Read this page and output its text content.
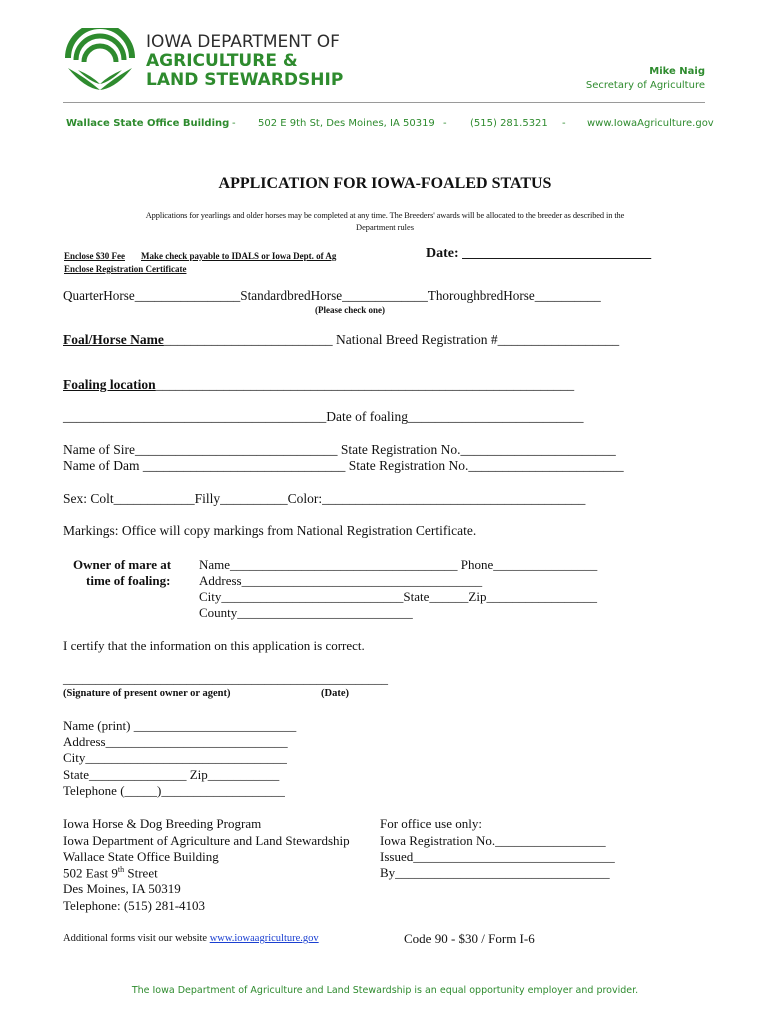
IOWA DEPARTMENT OF
AGRICULTURE &
LAND STEWARDSHIP	Mike Naig
Secretary of Agriculture
Wallace State Office Building - 502 E 9th St, Des Moines, IA 50319 - (515) 281.5321 - www.IowaAgriculture.gov
APPLICATION FOR IOWA-FOALED STATUS
Applications for yearlings and older horses may be completed at any time. The Breeders' awards will be allocated to the breeder as described in the
Department rules
Enclose $30 Fee Make check payable to IDALS or Iowa Dept. of Ag
Enclose Registration Certificate
Date: ___________________________
QuarterHorse________________StandardbredHorse_____________ThoroughbredHorse__________
(Please check one)
Foal/Horse Name_________________________ National Breed Registration #__________________
Foaling location______________________________________________________________
_______________________________________Date of foaling__________________________
Name of Sire______________________________ State Registration No._______________________
Name of Dam ______________________________ State Registration No._______________________
Sex: Colt____________Filly__________Color:_______________________________________
Markings: Office will copy markings from National Registration Certificate.
Owner of mare at
time of foaling:
Name___________________________________ Phone________________
Address_____________________________________
City____________________________State______Zip_________________
County___________________________
I certify that the information on this application is correct.
__________________________________________________
(Signature of present owner or agent)	(Date)
Name (print) _________________________
Address____________________________
City_______________________________
State_______________ Zip___________
Telephone (_____)___________________
Iowa Horse & Dog Breeding Program
Iowa Department of Agriculture and Land Stewardship
Wallace State Office Building
502 East 9th Street
Des Moines, IA 50319
Telephone: (515) 281-4103
For office use only:
Iowa Registration No._________________
Issued_______________________________
By_________________________________
Additional forms visit our website www.iowaagriculture.gov	Code 90 - $30 / Form I-6
The Iowa Department of Agriculture and Land Stewardship is an equal opportunity employer and provider.
